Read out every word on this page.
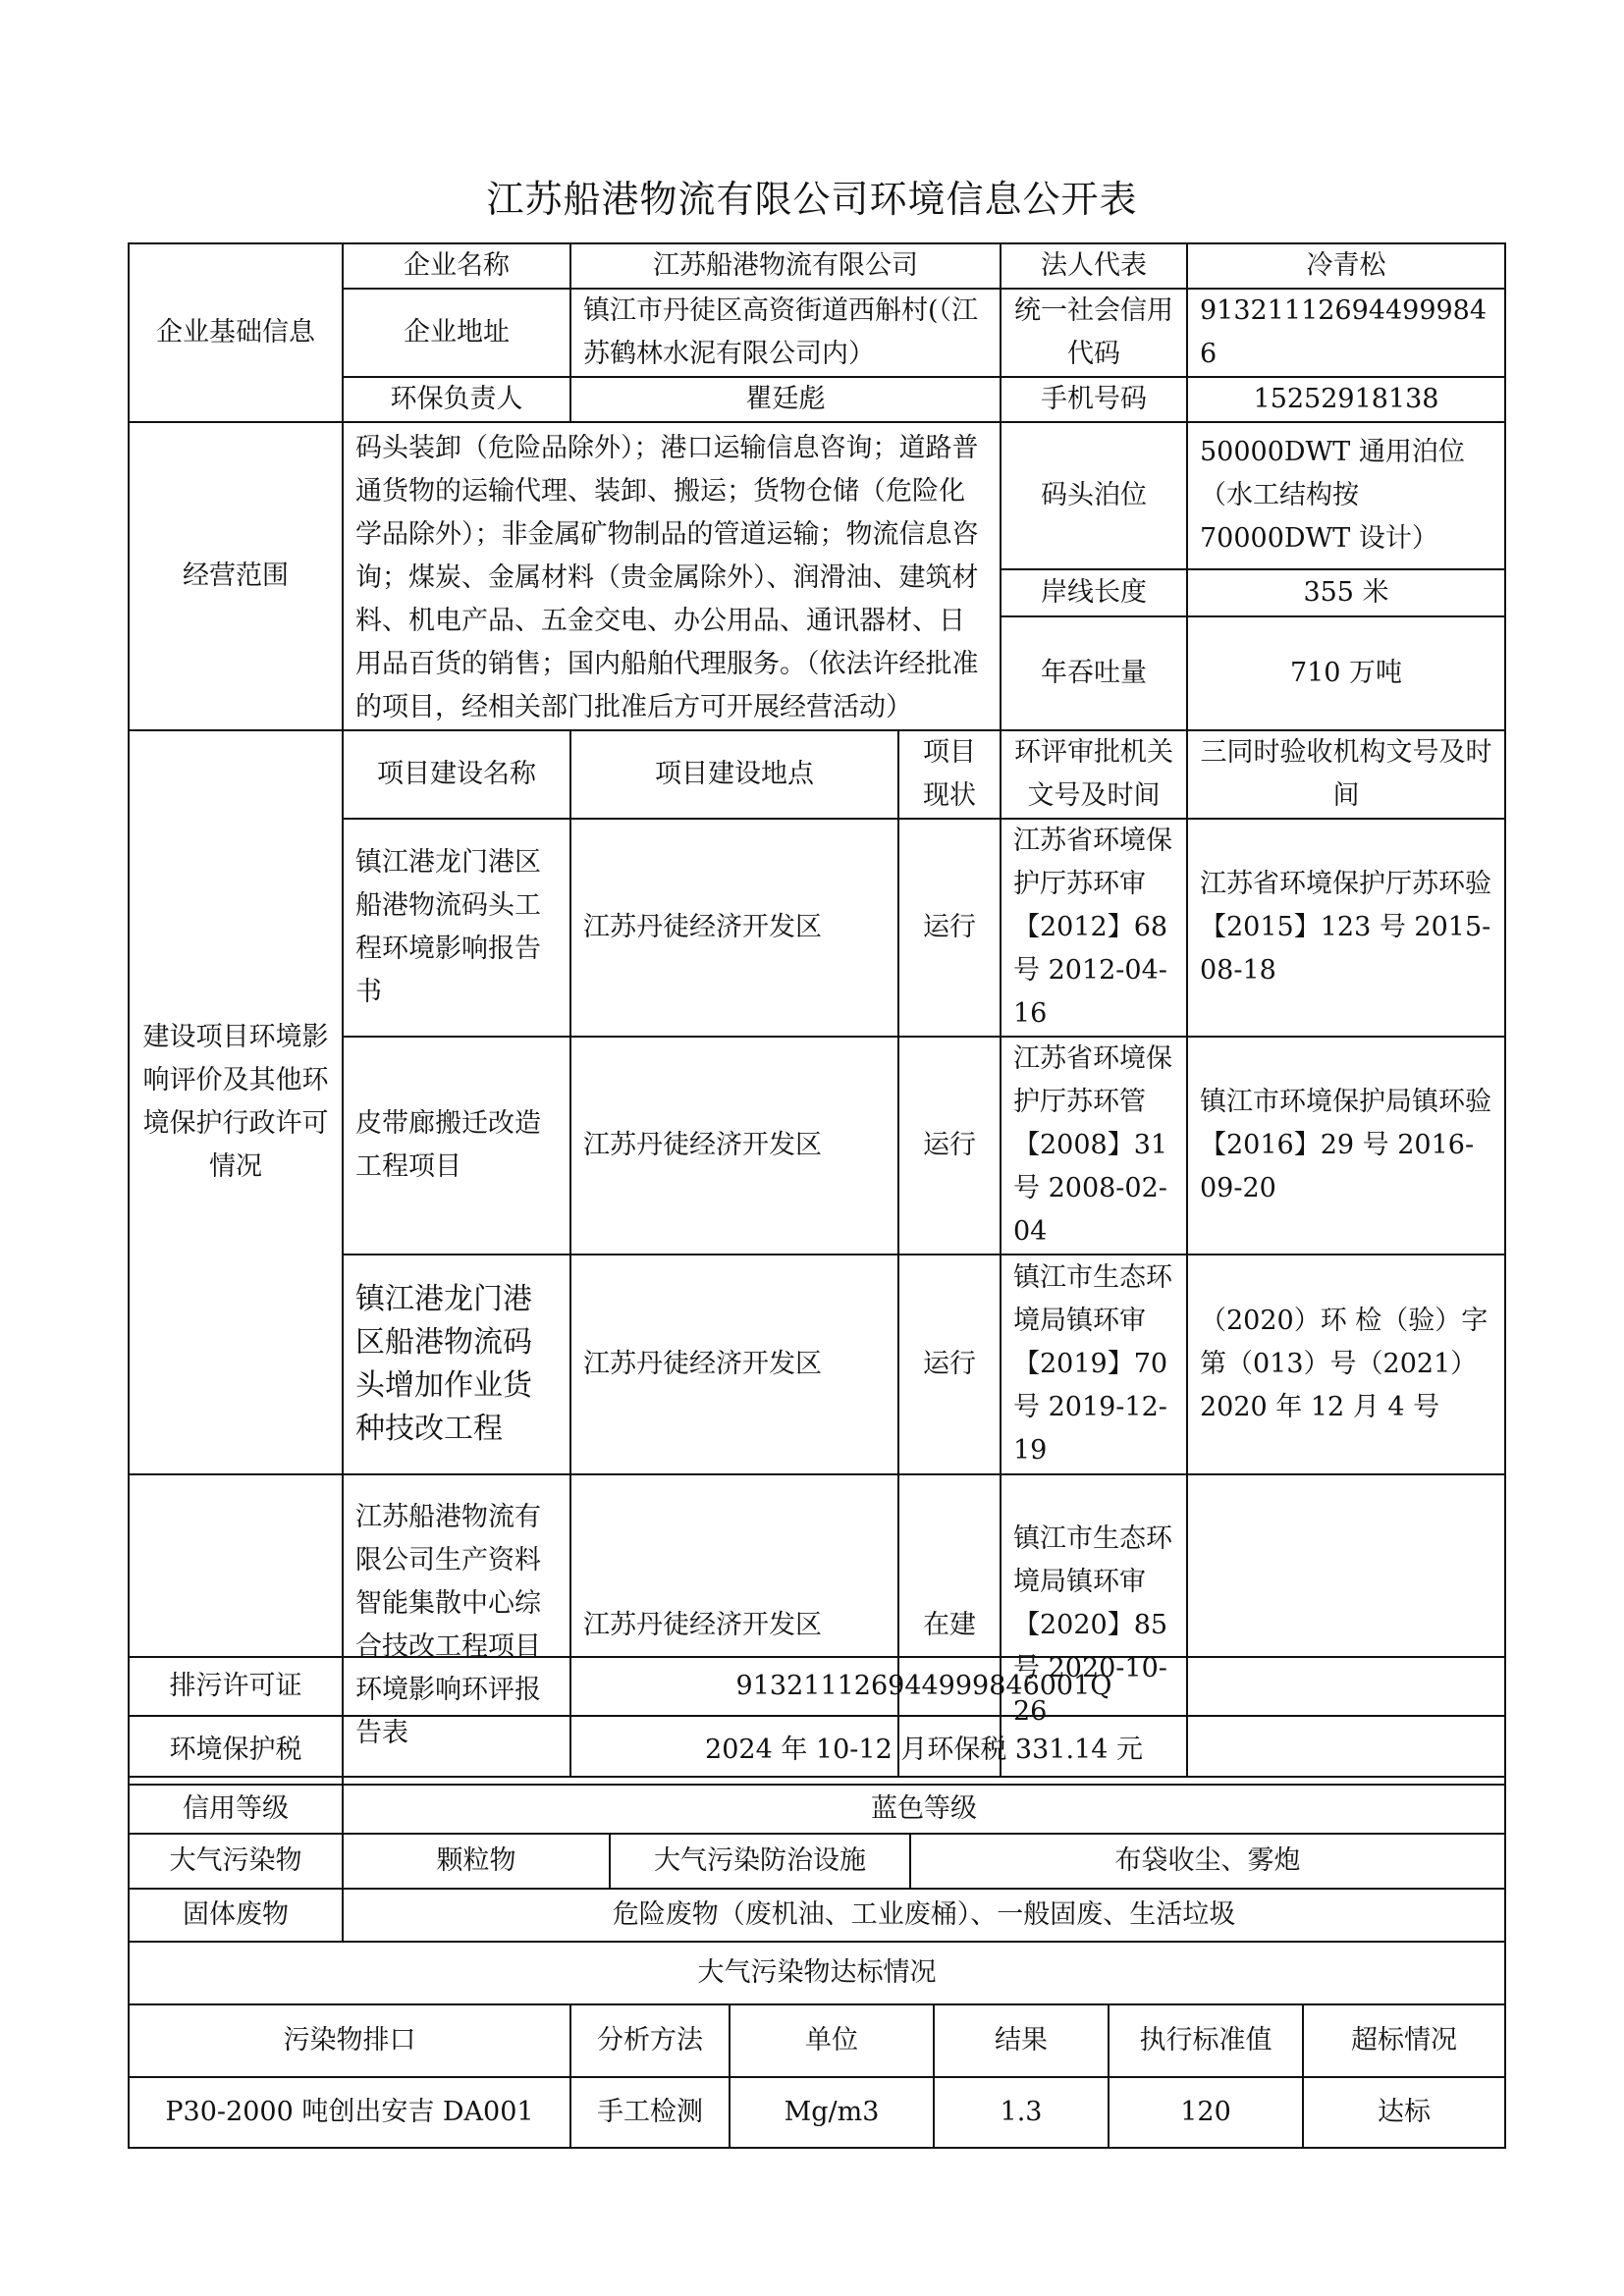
江苏船港物流有限公司环境信息公开表
企业基础信息	企业名称	江苏船港物流有限公司		法人代表	冷青松
	企业地址	镇江市丹徒区高资街道西斛村(（江苏鹤林水泥有限公司内）		统一社会信用代码	913211126944999846
	环保负责人	瞿廷彪		手机号码	15252918138
经营范围	码头装卸（危险品除外）；港口运输信息咨询；道路普通货物的运输代理、装卸、搬运；货物仓储（危险化学品除外）；非金属矿物制品的管道运输；物流信息咨询；煤炭、金属材料（贵金属除外）、润滑油、建筑材料、机电产品、五金交电、办公用品、通讯器材、日用品百货的销售；国内船舶代理服务。（依法许经批准的项目，经相关部门批准后方可开展经营活动）			码头泊位	50000DWT 通用泊位（水工结构按 70000DWT 设计）
				岸线长度	355 米
				年吞吐量	710 万吨
建设项目环境影响评价及其他环境保护行政许可情况	项目建设名称	项目建设地点	项目现状	环评审批机关文号及时间	三同时验收机构文号及时间
	镇江港龙门港区船港物流码头工程环境影响报告书	江苏丹徒经济开发区	运行	江苏省环境保护厅苏环审【2012】68 号 2012-04-16	江苏省环境保护厅苏环验【2015】123 号 2015-08-18
	皮带廊搬迁改造工程项目	江苏丹徒经济开发区	运行	江苏省环境保护厅苏环管【2008】31 号 2008-02-04	镇江市环境保护局镇环验【2016】29 号 2016-09-20
	镇江港龙门港区船港物流码头增加作业货种技改工程	江苏丹徒经济开发区	运行	镇江市生态环境局镇环审【2019】70 号 2019-12-19	（2020）环 检（验）字第（013）号（2021）2020 年 12 月 4 号
	江苏船港物流有限公司生产资料智能集散中心综合技改工程项目环境影响环评报告表	江苏丹徒经济开发区	在建	镇江市生态环境局镇环审【2020】85 号 2020-10-26	
排污许可证	91321112694499984600​1Q		
环境保护税	2024 年 10-12 月环保税 331.14 元		
信用等级	蓝色等级		
大气污染物	颗粒物	大气污染防治设施	布袋收尘、雾炮
固体废物	危险废物（废机油、工业废桶）、一般固废、生活垃圾		
大气污染物达标情况					
污染物排口	分析方法	单位	结果	执行标准值	超标情况
P30-2000 吨创出安吉 DA001	手工检测	Mg/m3	1.3	120	达标
